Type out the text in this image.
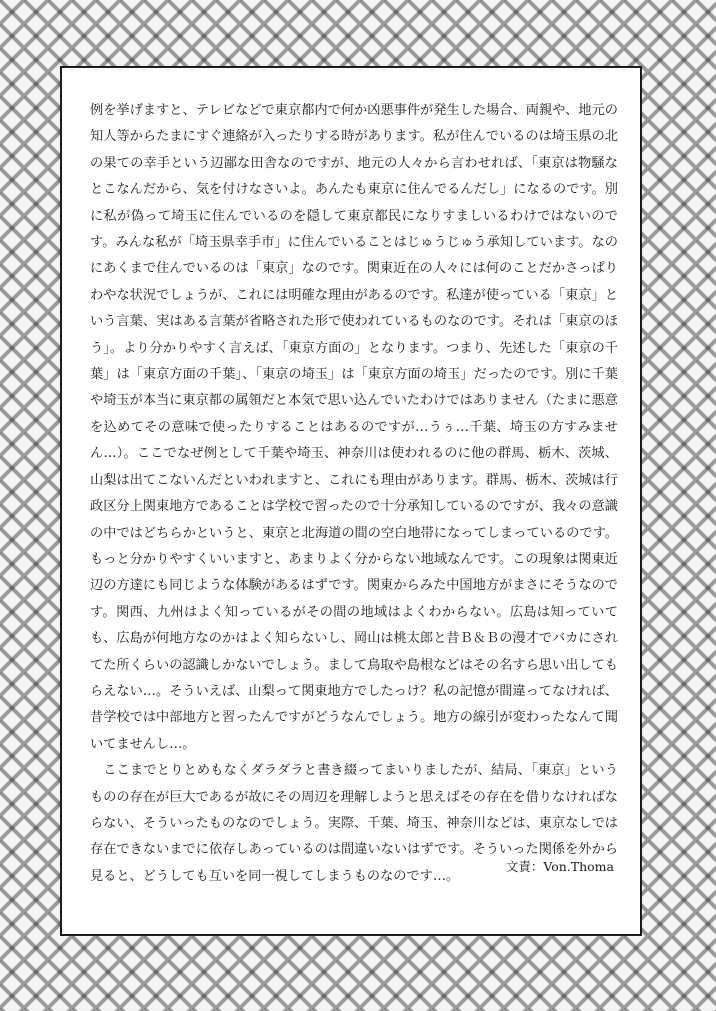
例を挙げますと、テレビなどで東京都内で何か凶悪事件が発生した場合、両親や、地元の知人等からたまにすぐ連絡が入ったりする時があります。私が住んでいるのは埼玉県の北の果ての幸手という辺鄙な田舎なのですが、地元の人々から言わせれば、「東京は物騒なとこなんだから、気を付けなさいよ。あんたも東京に住んでるんだし」になるのです。別に私が偽って埼玉に住んでいるのを隠して東京都民になりすましいるわけではないのです。みんな私が「埼玉県幸手市」に住んでいることはじゅうじゅう承知しています。なのにあくまで住んでいるのは「東京」なのです。関東近在の人々には何のことだかさっぱりわやな状況でしょうが、これには明確な理由があるのです。私達が使っている「東京」という言葉、実はある言葉が省略された形で使われているものなのです。それは「東京のほう」。より分かりやすく言えば、「東京方面の」となります。つまり、先述した「東京の千葉」は「東京方面の千葉」、「東京の埼玉」は「東京方面の埼玉」だったのです。別に千葉や埼玉が本当に東京都の属領だと本気で思い込んでいたわけではありません（たまに悪意を込めてその意味で使ったりすることはあるのですが…うぅ…千葉、埼玉の方すみません…）。ここでなぜ例として千葉や埼玉、神奈川は使われるのに他の群馬、栃木、茨城、山梨は出てこないんだといわれますと、これにも理由があります。群馬、栃木、茨城は行政区分上関東地方であることは学校で習ったので十分承知しているのですが、我々の意識の中ではどちらかというと、東京と北海道の間の空白地帯になってしまっているのです。もっと分かりやすくいいますと、あまりよく分からない地域なんです。この現象は関東近辺の方達にも同じような体験があるはずです。関東からみた中国地方がまさにそうなのです。関西、九州はよく知っているがその間の地域はよくわからない。広島は知っていても、広島が何地方なのかはよく知らないし、岡山は桃太郎と昔Ｂ＆Ｂの漫才でバカにされてた所くらいの認識しかないでしょう。まして鳥取や島根などはその名すら思い出してもらえない…。そういえば、山梨って関東地方でしたっけ？私の記憶が間違ってなければ、昔学校では中部地方と習ったんですがどうなんでしょう。地方の線引が変わったなんて聞いてませんし…。

ここまでとりとめもなくダラダラと書き綴ってまいりましたが、結局、「東京」というものの存在が巨大であるが故にその周辺を理解しようと思えばその存在を借りなければならない、そういったものなのでしょう。実際、千葉、埼玉、神奈川などは、東京なしでは存在できないまでに依存しあっているのは間違いないはずです。そういった関係を外から見ると、どうしても互いを同一視してしまうものなのです…。

文責：Von.Thoma
